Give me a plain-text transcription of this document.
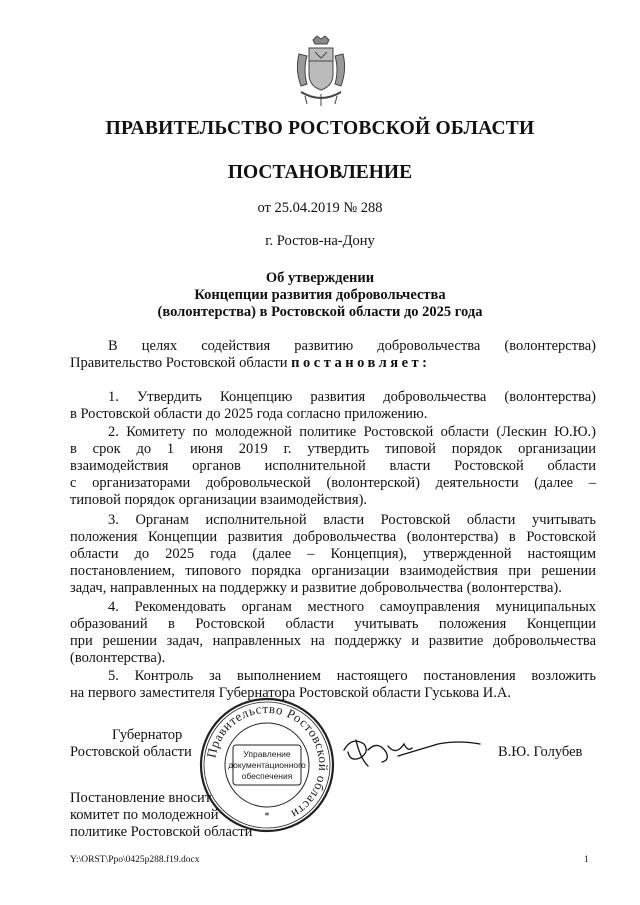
ПРАВИТЕЛЬСТВО РОСТОВСКОЙ ОБЛАСТИ
ПОСТАНОВЛЕНИЕ
от 25.04.2019 № 288
г. Ростов-на-Дону
Об утверждении
Концепции развития добровольчества
(волонтерства) в Ростовской области до 2025 года
В целях содействия развитию добровольчества (волонтерства)
Правительство Ростовской области постановляет:
1. Утвердить Концепцию развития добровольчества (волонтерства)
в Ростовской области до 2025 года согласно приложению.
2. Комитету по молодежной политике Ростовской области (Лескин Ю.Ю.)
в срок до 1 июня 2019 г. утвердить типовой порядок организации
взаимодействия органов исполнительной власти Ростовской области
с организаторами добровольческой (волонтерской) деятельности (далее –
типовой порядок организации взаимодействия).
3. Органам исполнительной власти Ростовской области учитывать
положения Концепции развития добровольчества (волонтерства) в Ростовской
области до 2025 года (далее – Концепция), утвержденной настоящим
постановлением, типового порядка организации взаимодействия при решении
задач, направленных на поддержку и развитие добровольчества (волонтерства).
4. Рекомендовать органам местного самоуправления муниципальных
образований в Ростовской области учитывать положения Концепции
при решении задач, направленных на поддержку и развитие добровольчества
(волонтерства).
5. Контроль за выполнением настоящего постановления возложить
на первого заместителя Губернатора Ростовской области Гуськова И.А.
Губернатор
Ростовской области	В.Ю. Голубев
Правительство Ростовской области
Управление
документационного
обеспечения
*
Постановление вносит
комитет по молодежной
политике Ростовской области
Y:\ORST\Ppo\0425p288.f19.docx	1
